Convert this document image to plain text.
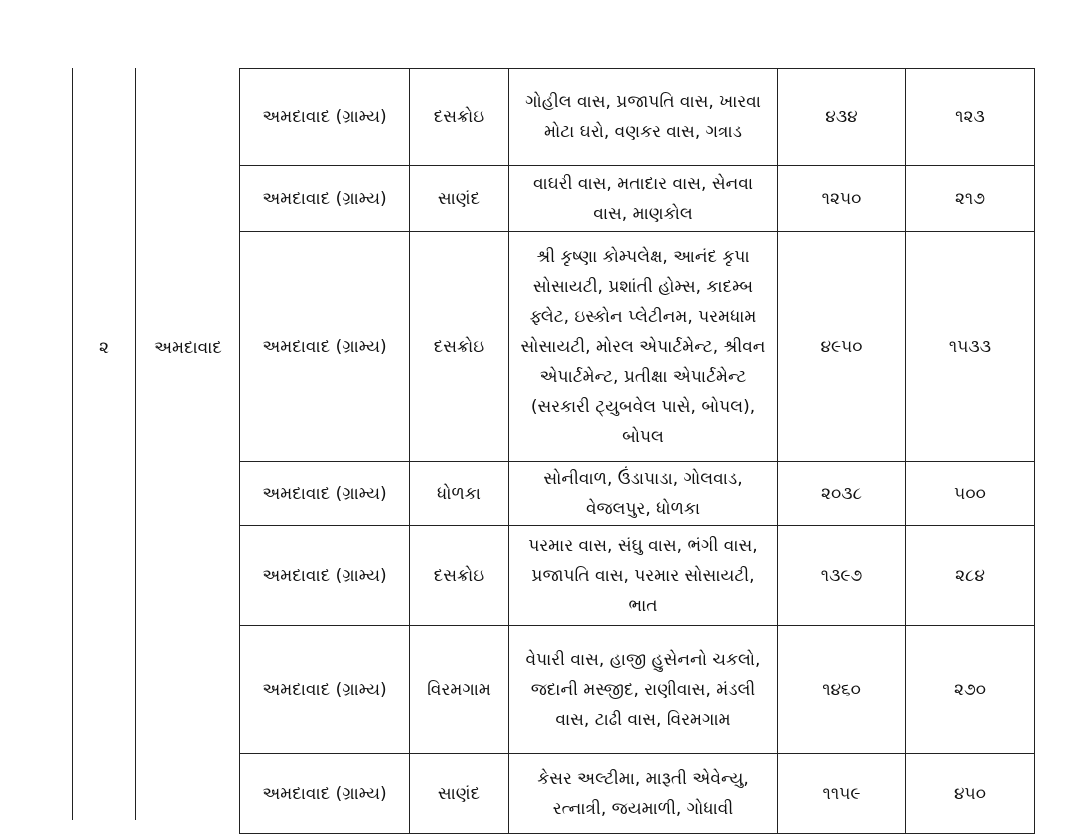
૨	અમદાવાદ
અમદાવાદ (ગ્રામ્ય)	દસક્રોઇ	ગોહીલ વાસ, પ્રજાપતિ વાસ, ખારવા મોટા ઘરો, વણકર વાસ, ગત્રાડ	૪૩૪	૧૨૩
અમદાવાદ (ગ્રામ્ય)	સાણંદ	વાઘરી વાસ, મતાદાર વાસ, સેનવા વાસ, માણકોલ	૧૨૫૦	૨૧૭
અમદાવાદ (ગ્રામ્ય)	દસક્રોઇ	શ્રી કૃષ્ણા કોમ્પલેક્ષ, આનંદ કૃપા સોસાયટી, પ્રશાંતી હોમ્સ, કાદમ્બ ફ્લેટ, ઇસ્કોન પ્લેટીનમ, પરમધામ સોસાયટી, મોરલ એપાર્ટમેન્ટ, શ્રીવન એપાર્ટમેન્ટ, પ્રતીક્ષા એપાર્ટમેન્ટ (સરકારી ટ્યુબવેલ પાસે, બોપલ), બોપલ	૪૯૫૦	૧૫૩૩
અમદાવાદ (ગ્રામ્ય)	ધોળકા	સોનીવાળ, ઉંડાપાડા, ગોલવાડ, વેજલપુર, ધોળકા	૨૦૩૮	૫૦૦
અમદાવાદ (ગ્રામ્ય)	દસક્રોઇ	પરમાર વાસ, સંઘુ વાસ, ભંગી વાસ, પ્રજાપતિ વાસ, પરમાર સોસાયટી, ભાત	૧૩૯૭	૨૮૪
અમદાવાદ (ગ્રામ્ય)	વિરમગામ	વેપારી વાસ, હાજી હુસેનનો ચકલો, જદાની મસ્જીદ, રાણીવાસ, મંડલી વાસ, ટાઢી વાસ, વિરમગામ	૧૪૬૦	૨૭૦
અમદાવાદ (ગ્રામ્ય)	સાણંદ	કેસર અલ્ટીમા, મારૂતી એવેન્યુ, રત્નાત્રી, જયમાળી, ગોધાવી	૧૧૫૯	૪૫૦
